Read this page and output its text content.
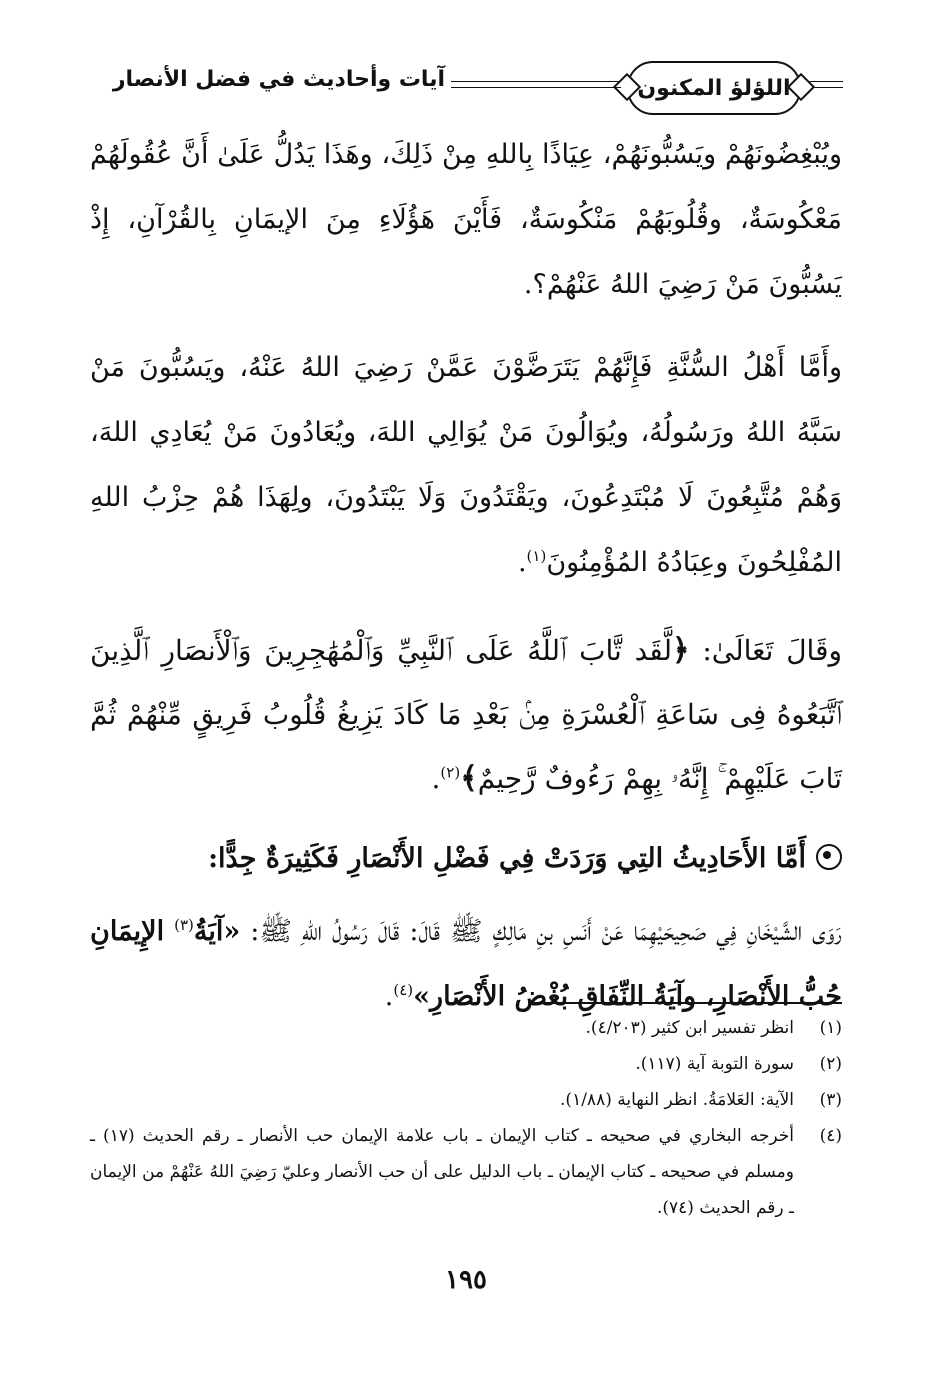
اللؤلؤ المكنون
آيات وأحاديث في فضل الأنصار

ويُبْغِضُونَهُمْ ويَسُبُّونَهُمْ، عِيَاذًا بِاللهِ مِنْ ذَلِكَ، وهَذَا يَدُلُّ عَلَىٰ أَنَّ عُقُولَهُمْ مَعْكُوسَةٌ، وقُلُوبَهُمْ مَنْكُوسَةٌ، فَأَيْنَ هَؤُلَاءِ مِنَ الإيمَانِ بِالقُرْآنِ، إِذْ يَسُبُّونَ مَنْ رَضِيَ اللهُ عَنْهُمْ؟.

وأَمَّا أَهْلُ السُّنَّةِ فَإِنَّهُمْ يَتَرَضَّوْنَ عَمَّنْ رَضِيَ اللهُ عَنْهُ، ويَسُبُّونَ مَنْ سَبَّهُ اللهُ ورَسُولُهُ، ويُوَالُونَ مَنْ يُوَالِي اللهَ، ويُعَادُونَ مَنْ يُعَادِي اللهَ، وَهُمْ مُتَّبِعُونَ لَا مُبْتَدِعُونَ، ويَقْتَدُونَ وَلَا يَبْتَدُونَ، ولِهَذَا هُمْ حِزْبُ اللهِ المُفْلِحُونَ وعِبَادُهُ المُؤْمِنُونَ$^{(١)}$.

وقَالَ تَعَالَىٰ: ﴿لَّقَد تَّابَ ٱللَّهُ عَلَى ٱلنَّبِيِّ وَٱلْمُهَٰجِرِينَ وَٱلْأَنصَارِ ٱلَّذِينَ ٱتَّبَعُوهُ فِى سَاعَةِ ٱلْعُسْرَةِ مِنۢ بَعْدِ مَا كَادَ يَزِيغُ قُلُوبُ فَرِيقٍ مِّنْهُمْ ثُمَّ تَابَ عَلَيْهِمْ ۚ إِنَّهُۥ بِهِمْ رَءُوفٌ رَّحِيمٌ﴾$^{(٢)}$.

أَمَّا الأَحَادِيثُ التِي وَرَدَتْ فِي فَضْلِ الأَنْصَارِ فَكَثِيرَةٌ جِدًّا:

رَوَى الشَّيْخَانِ فِي صَحِيحَيْهِمَا عَنْ أَنَسِ بنِ مَالِكٍ ﷺ قَالَ: قَالَ رَسُولُ اللهِ ﷺ: «آيَةُ$^{(٣)}$ الإِيمَانِ حُبُّ الأَنْصَارِ، وآيَةُ النِّفَاقِ بُغْضُ الأَنْصَارِ»$^{(٤)}$.

(١)
انظر تفسير ابن كثير (٤/٢٠٣).
(٢)
سورة التوبة آية (١١٧).
(٣)
الآية: العَلامَةُ. انظر النهاية (١/٨٨).
(٤)
أخرجه البخاري في صحيحه ـ كتاب الإيمان ـ باب علامة الإيمان حب الأنصار ـ رقم الحديث (١٧) ـ ومسلم في صحيحه ـ كتاب الإيمان ـ باب الدليل على أن حب الأنصار وعليّ رَضِيَ اللهُ عَنْهُمْ من الإيمان ـ رقم الحديث (٧٤).
١٩٥
